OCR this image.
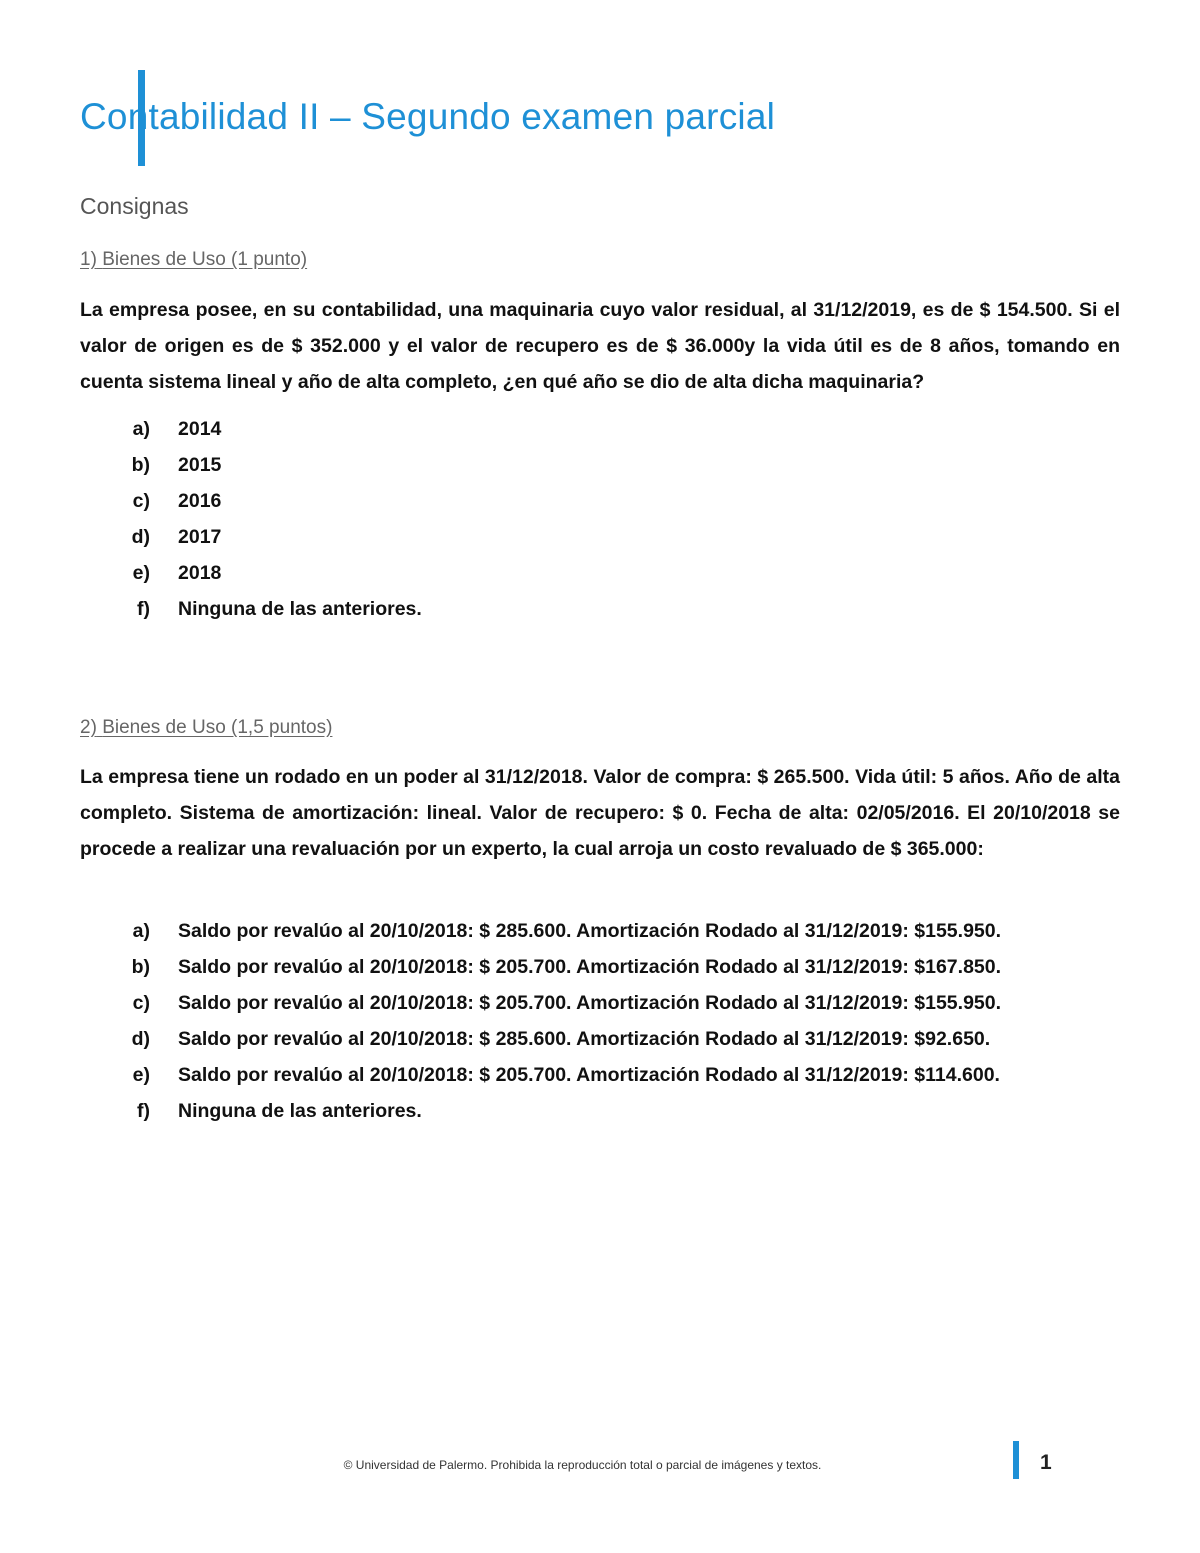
Contabilidad II – Segundo examen parcial
Consignas
1) Bienes de Uso (1 punto)
La empresa posee, en su contabilidad, una maquinaria cuyo valor residual, al 31/12/2019, es de $ 154.500. Si el valor de origen es de $ 352.000 y el valor de recupero es de $ 36.000y la vida útil es de 8 años, tomando en cuenta sistema lineal y año de alta completo, ¿en qué año se dio de alta dicha maquinaria?
a) 2014
b) 2015
c) 2016
d) 2017
e) 2018
f) Ninguna de las anteriores.
2) Bienes de Uso (1,5 puntos)
La empresa tiene un rodado en un poder al 31/12/2018. Valor de compra: $ 265.500. Vida útil: 5 años. Año de alta completo. Sistema de amortización: lineal. Valor de recupero: $ 0. Fecha de alta: 02/05/2016. El 20/10/2018 se procede a realizar una revaluación por un experto, la cual arroja un costo revaluado de $ 365.000:
a) Saldo por revalúo al 20/10/2018: $ 285.600. Amortización Rodado al 31/12/2019: $155.950.
b) Saldo por revalúo al 20/10/2018: $ 205.700. Amortización Rodado al 31/12/2019: $167.850.
c) Saldo por revalúo al 20/10/2018: $ 205.700. Amortización Rodado al 31/12/2019: $155.950.
d) Saldo por revalúo al 20/10/2018: $ 285.600. Amortización Rodado al 31/12/2019: $92.650.
e) Saldo por revalúo al 20/10/2018: $ 205.700. Amortización Rodado al 31/12/2019: $114.600.
f) Ninguna de las anteriores.
© Universidad de Palermo. Prohibida la reproducción total o parcial de imágenes y textos.	1
